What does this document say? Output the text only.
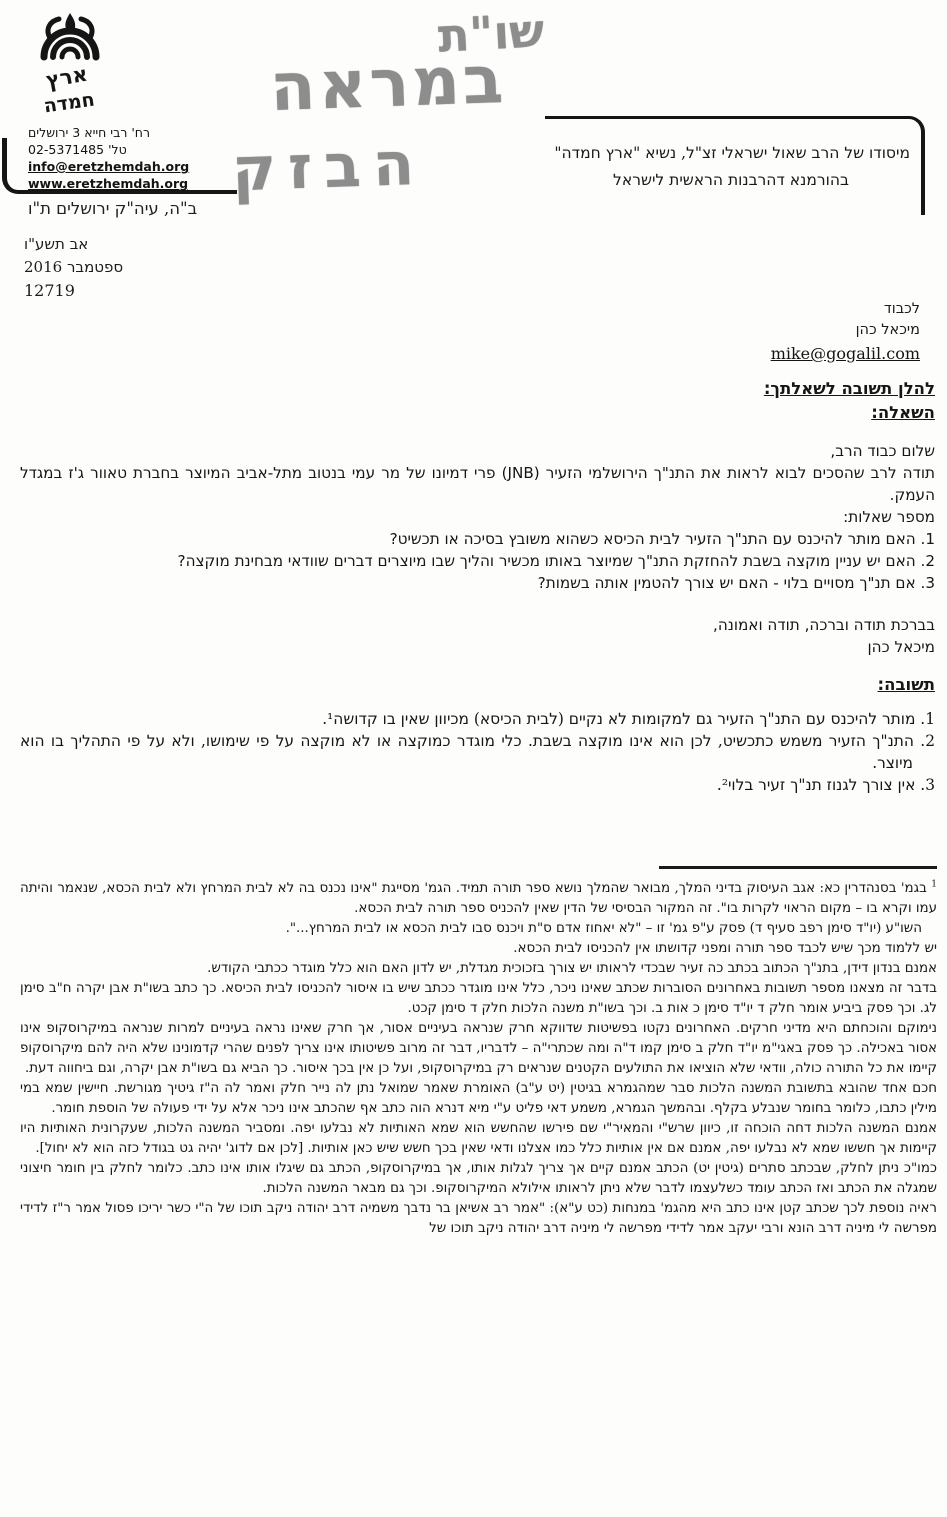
ארץ
חמדה
שו"ת
במראה
הבזק	מיסודו של הרב שאול ישראלי זצ"ל, נשיא "ארץ חמדה"
בהורמנא דהרבנות הראשית לישראל
רח' רבי חייא 3 ירושלים
טל' 02-5371485
info@eretzhemdah.org
www.eretzhemdah.org
ב"ה, עיה"ק ירושלים ת"ו
אב תשע"ו
ספטמבר 2016
12719
לכבוד
מיכאל כהן
mike@gogalil.com
להלן תשובה לשאלתך:
השאלה:
שלום כבוד הרב,
תודה לרב שהסכים לבוא לראות את התנ"ך הירושלמי הזעיר (JNB) פרי דמיונו של מר עמי בנטוב מתל-אביב המיוצר בחברת טאוור ג'ז במגדל העמק.
מספר שאלות:
1. האם מותר להיכנס עם התנ"ך הזעיר לבית הכיסא כשהוא משובץ בסיכה או תכשיט?
2. האם יש עניין מוקצה בשבת להחזקת התנ"ך שמיוצר באותו מכשיר והליך שבו מיוצרים דברים שוודאי מבחינת מוקצה?
3. אם תנ"ך מסויים בלוי - האם יש צורך להטמין אותה בשמות?
בברכת תודה וברכה, תודה ואמונה,
מיכאל כהן
תשובה:
1. מותר להיכנס עם התנ"ך הזעיר גם למקומות לא נקיים (לבית הכיסא) מכיוון שאין בו קדושה¹.
2. התנ"ך הזעיר משמש כתכשיט, לכן הוא אינו מוקצה בשבת. כלי מוגדר כמוקצה או לא מוקצה על פי שימושו, ולא על פי התהליך בו הוא מיוצר.
3. אין צורך לגנוז תנ"ך זעיר בלוי².

$^1$ בגמ' בסנהדרין כא: אגב העיסוק בדיני המלך, מבואר שהמלך נושא ספר תורה תמיד. הגמ' מסייגת "אינו נכנס בה לא לבית המרחץ ולא לבית הכסא, שנאמר והיתה עמו וקרא בו – מקום הראוי לקרות בו". זה המקור הבסיסי של הדין שאין להכניס ספר תורה לבית הכסא.

השו"ע (יו"ד סימן רפב סעיף ד) פסק ע"פ גמ' זו – "לא יאחוז אדם ס"ת ויכנס סבו לבית הכסא או לבית המרחץ...".

יש ללמוד מכך שיש לכבד ספר תורה ומפני קדושתו אין להכניסו לבית הכסא.

אמנם בנדון דידן, בתנ"ך הכתוב בכתב כה זעיר שבכדי לראותו יש צורך בזכוכית מגדלת, יש לדון האם הוא כלל מוגדר ככתבי הקודש.

בדבר זה מצאנו מספר תשובות באחרונים הסוברות שכתב שאינו ניכר, כלל אינו מוגדר ככתב שיש בו איסור להכניסו לבית הכיסא. כך כתב בשו"ת אבן יקרה ח"ב סימן לג. וכך פסק ביביע אומר חלק ד יו"ד סימן כ אות ב. וכך בשו"ת משנה הלכות חלק ד סימן קכט.

נימוקם והוכחתם היא מדיני חרקים. האחרונים נקטו בפשיטות שדווקא חרק שנראה בעיניים אסור, אך חרק שאינו נראה בעיניים למרות שנראה במיקרוסקופ אינו אסור באכילה. כך פסק באגי"מ יו"ד חלק ב סימן קמו ד"ה ומה שכתרי"ה – לדבריו, דבר זה מרוב פשיטותו אינו צריך לפנים שהרי קדמונינו שלא היה להם מיקרוסקופ קיימו את כל התורה כולה, וודאי שלא הוציאו את התולעים הקטנים שנראים רק במיקרוסקופ, ועל כן אין בכך איסור. כך הביא גם בשו"ת אבן יקרה, וגם ביחווה דעת.

חכם אחד שהובא בתשובת המשנה הלכות סבר שמהגמרא בגיטין (יט ע"ב) האומרת שאמר שמואל נתן לה נייר חלק ואמר לה ה"ז גיטיך מגורשת. חיישין שמא במי מילין כתבו, כלומר בחומר שנבלע בקלף. ובהמשך הגמרא, משמע דאי פליט ע"י מיא דנרא הוה כתב אף שהכתב אינו ניכר אלא על ידי פעולה של הוספת חומר.

אמנם המשנה הלכות דחה הוכחה זו, כיוון שרש"י והמאיר"י שם פירשו שהחשש הוא שמא האותיות לא נבלעו יפה. ומסביר המשנה הלכות, שעקרונית האותיות היו קיימות אך חששו שמא לא נבלעו יפה, אמנם אם אין אותיות כלל כמו אצלנו ודאי שאין בכך חשש שיש כאן אותיות. [לכן אם לדוג' יהיה גט בגודל כזה הוא לא יחול].

כמו"כ ניתן לחלק, שבכתב סתרים (גיטין יט) הכתב אמנם קיים אך צריך לגלות אותו, אך במיקרוסקופ, הכתב גם שיגלו אותו אינו כתב. כלומר לחלק בין חומר חיצוני שמגלה את הכתב ואז הכתב עומד כשלעצמו לדבר שלא ניתן לראותו אילולא המיקרוסקופ. וכך גם מבאר המשנה הלכות.

ראיה נוספת לכך שכתב קטן אינו כתב היא מהגמ' במנחות (כט ע"א): "אמר רב אשיאן בר נדבך משמיה דרב יהודה ניקב תוכו של ה"י כשר יריכו פסול אמר ר"ז לדידי מפרשה לי מיניה דרב הונא ורבי יעקב אמר לדידי מפרשה לי מיניה דרב יהודה ניקב תוכו של
